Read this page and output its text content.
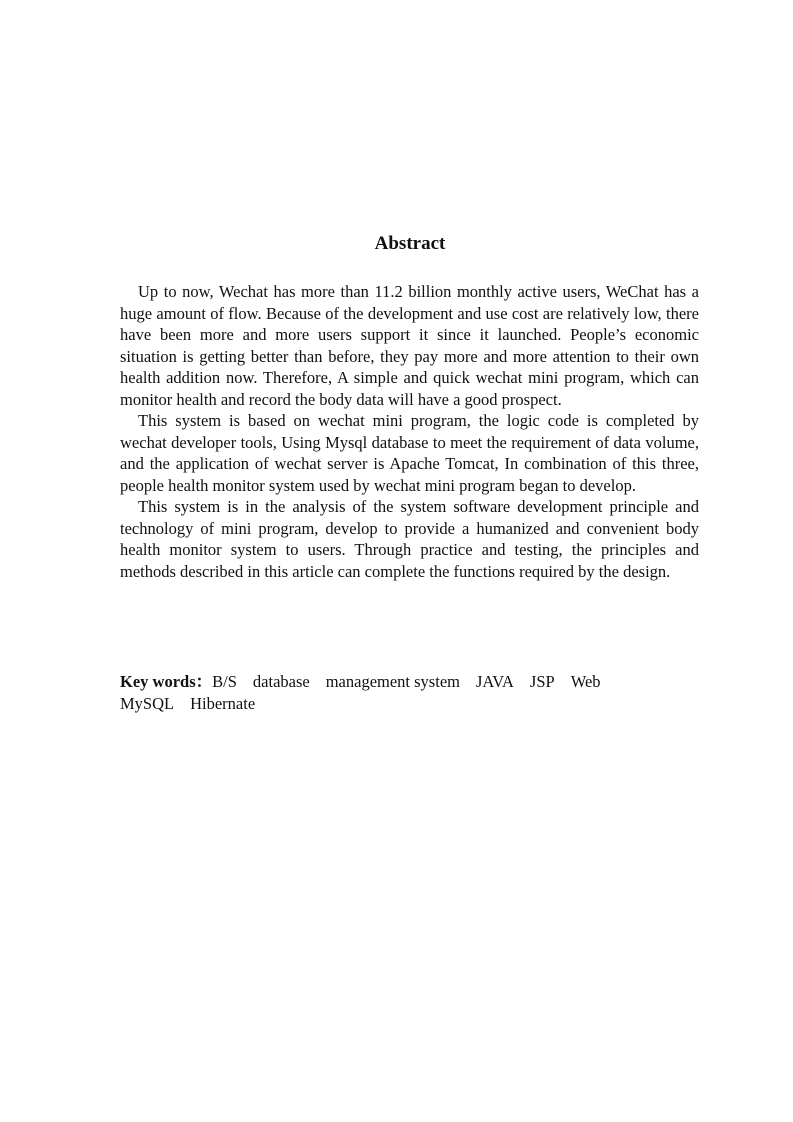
Abstract

Up to now, Wechat has more than 11.2 billion monthly active users, WeChat has a huge amount of flow. Because of the development and use cost are relatively low, there have been more and more users support it since it launched. People’s economic situation is getting better than before, they pay more and more attention to their own health addition now. Therefore, A simple and quick wechat mini program, which can monitor health and record the body data will have a good prospect.

This system is based on wechat mini program, the logic code is completed by wechat developer tools, Using Mysql database to meet the requirement of data volume, and the application of wechat server is Apache Tomcat, In combination of this three, people health monitor system used by wechat mini program began to develop.

This system is in the analysis of the system software development principle and technology of mini program, develop to provide a humanized and convenient body health monitor system to users. Through practice and testing, the principles and methods described in this article can complete the functions required by the design.

Key words：B/S database management system JAVA JSP Web
MySQL Hibernate
